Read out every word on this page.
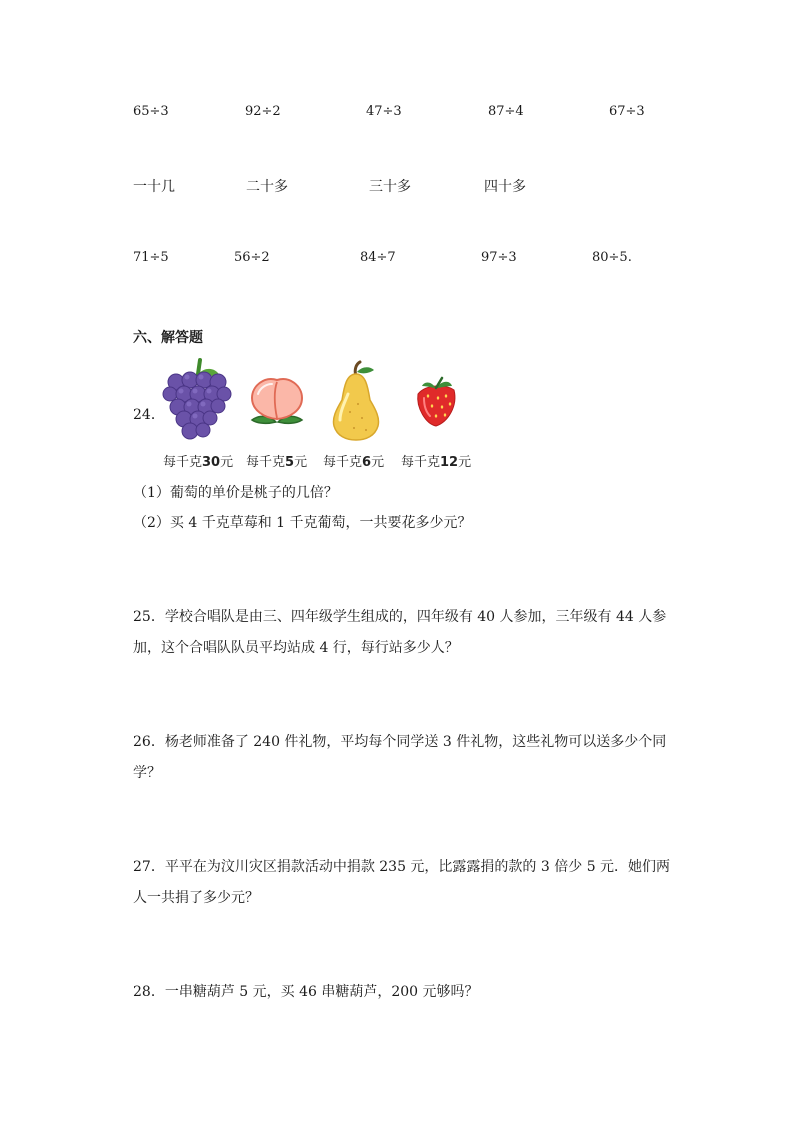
65÷3	92÷2	47÷3	87÷4	67÷3
一十几	二十多	三十多	四十多
71÷5	56÷2	84÷7	97÷3	80÷5.
六、解答题
24．
每千克30元 每千克5元 每千克6元 每千克12元
（1）葡萄的单价是桃子的几倍？
（2）买 4 千克草莓和 1 千克葡萄，一共要花多少元？
25．学校合唱队是由三、四年级学生组成的，四年级有 40 人参加，三年级有 44 人参
加，这个合唱队队员平均站成 4 行，每行站多少人？
26．杨老师准备了 240 件礼物，平均每个同学送 3 件礼物，这些礼物可以送多少个同
学？
27．平平在为汶川灾区捐款活动中捐款 235 元，比露露捐的款的 3 倍少 5 元．她们两
人一共捐了多少元？
28．一串糖葫芦 5 元，买 46 串糖葫芦，200 元够吗？
